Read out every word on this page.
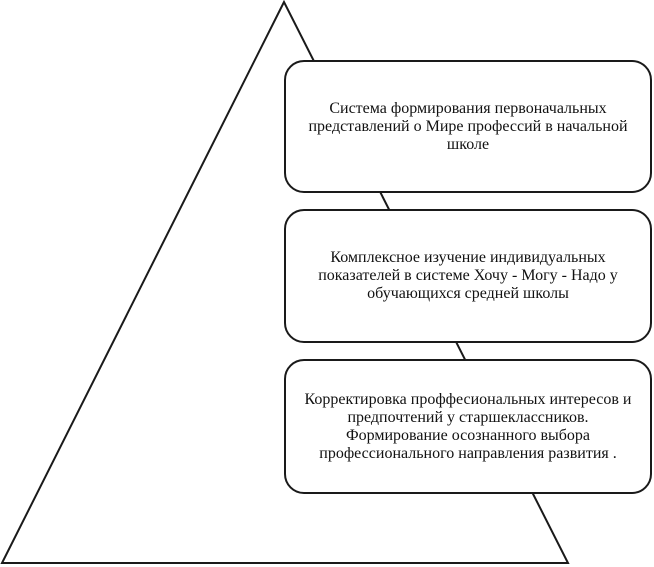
Система формирования первоначальных представлений о Мире профессий в начальной школе
Комплексное изучение индивидуальных показателей в системе Хочу - Могу - Надо у обучающихся средней школы
Корректировка проффесиональных интересов и предпочтений у старшеклассников. Формирование осознанного выбора профессионального направления развития .
